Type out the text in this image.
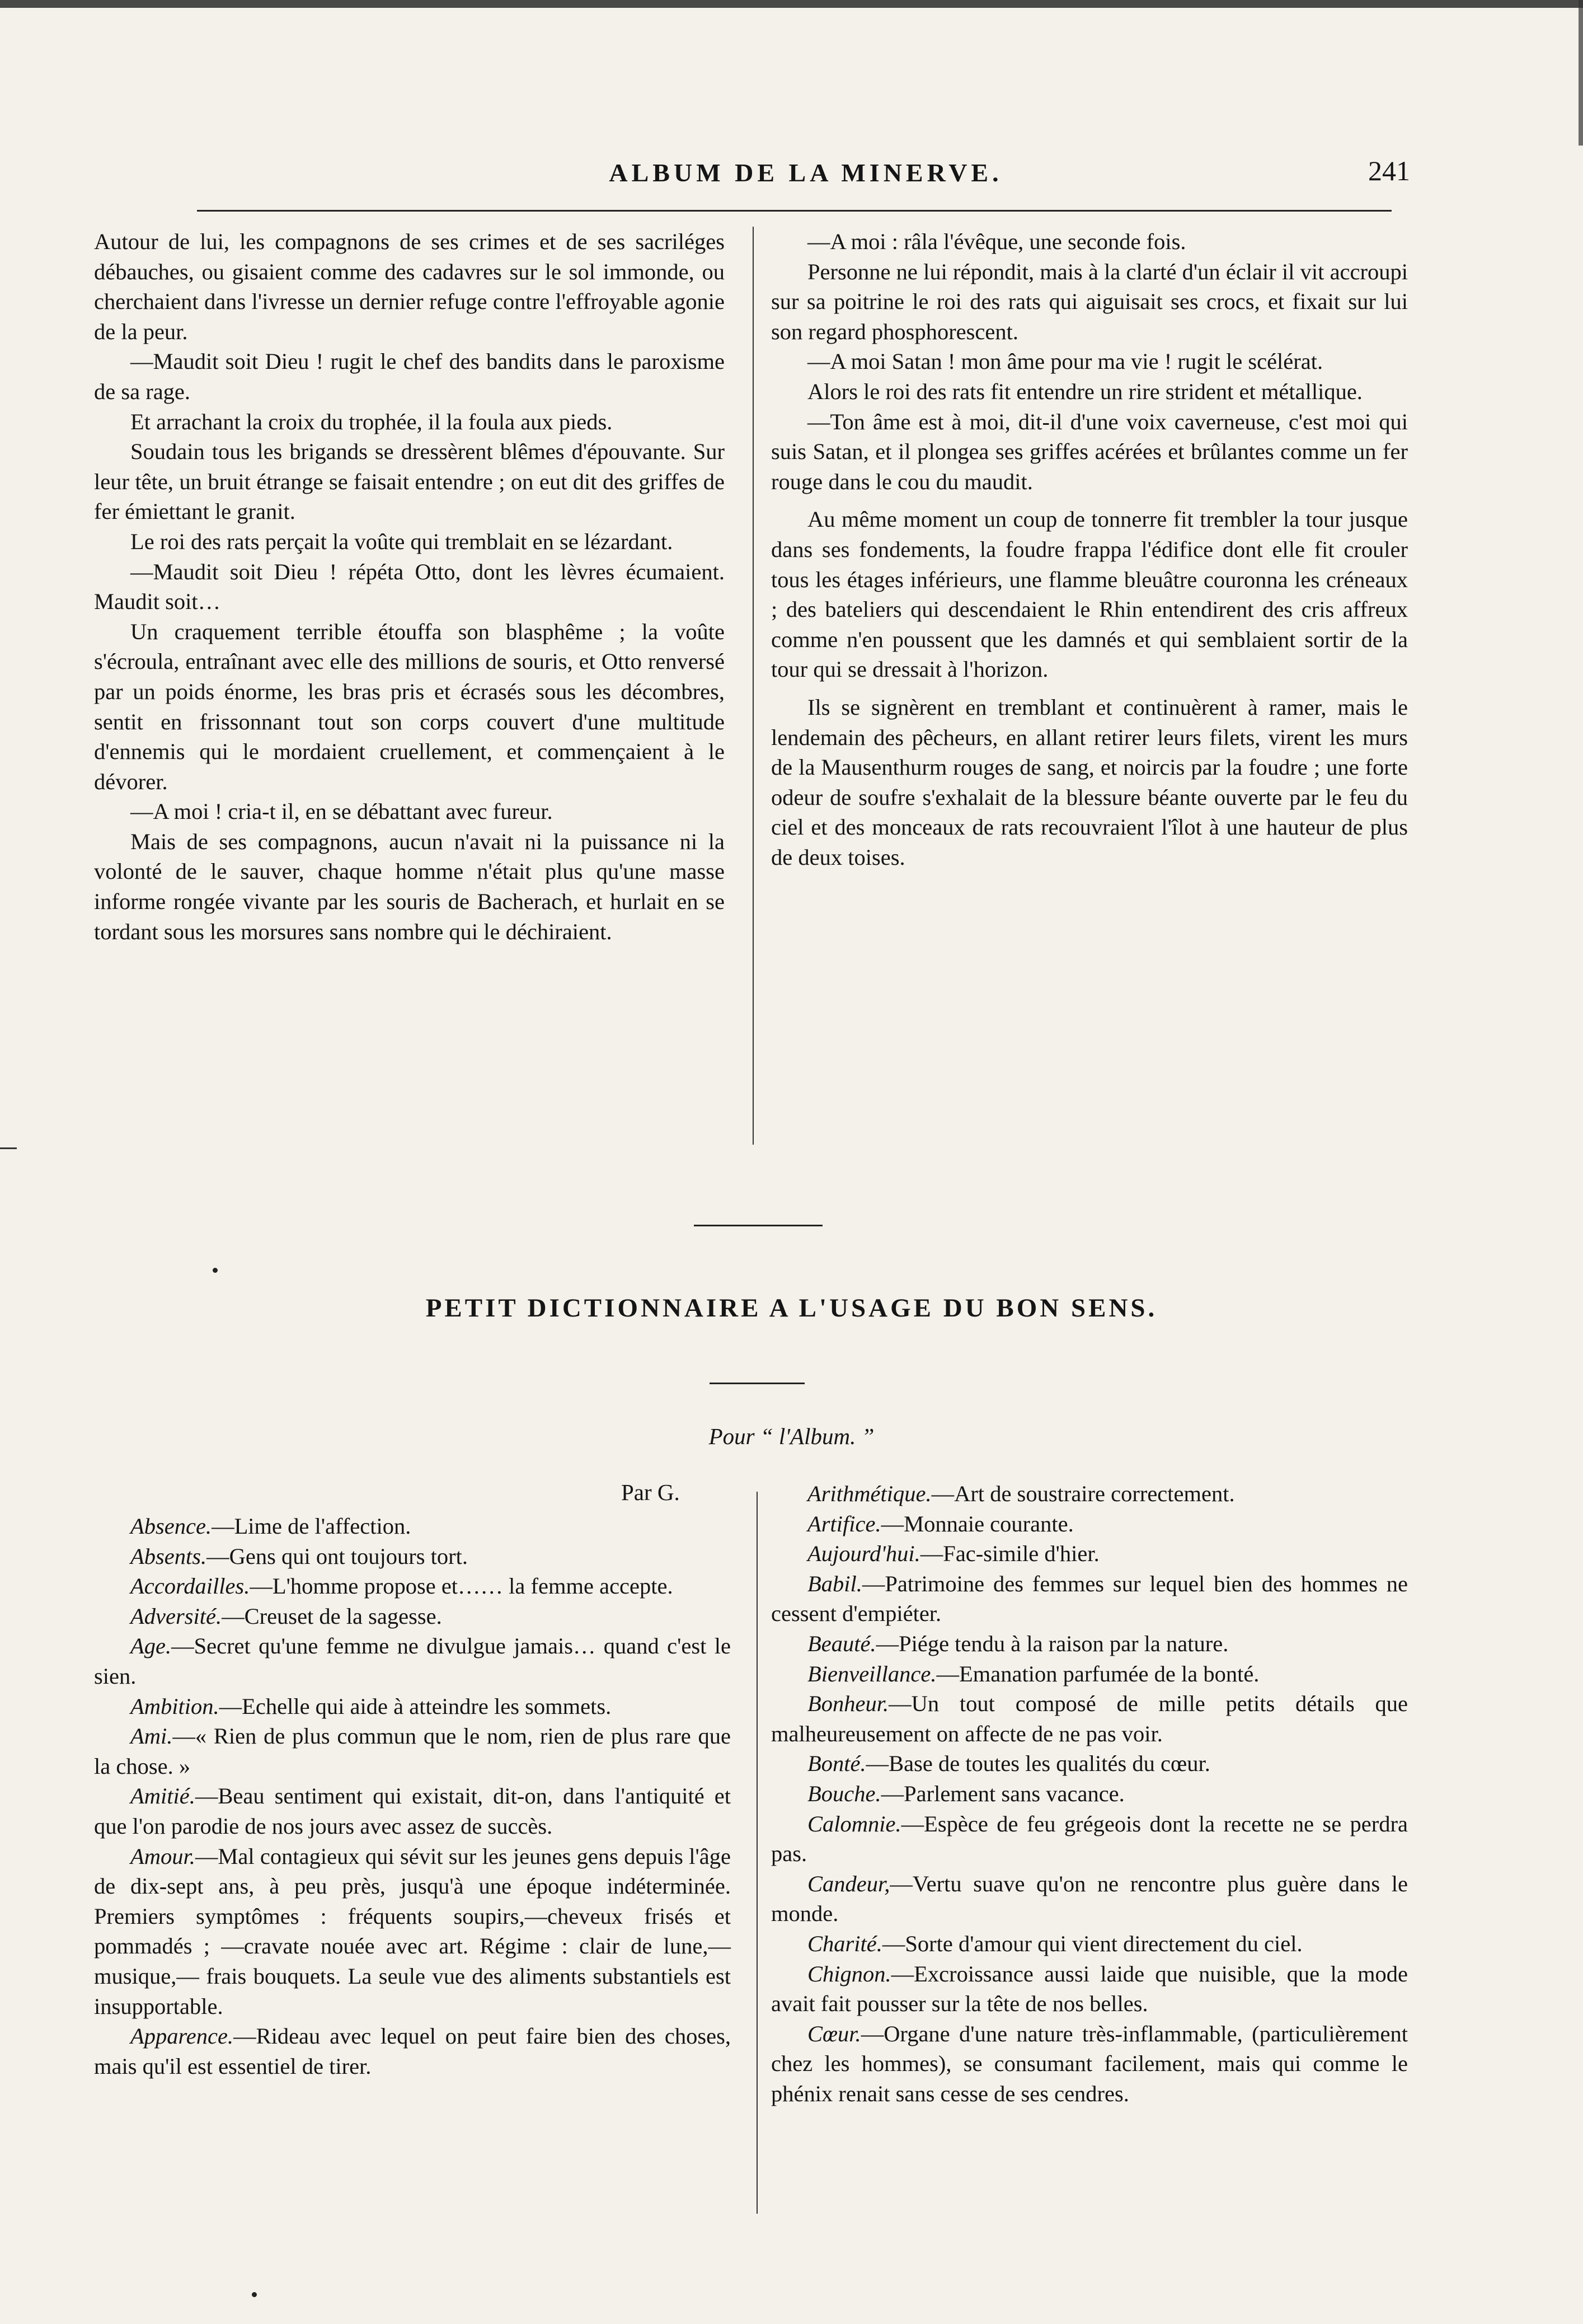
ALBUM DE LA MINERVE.	241

Autour de lui, les compagnons de ses crimes et de ses sacriléges débauches, ou gisaient comme des cadavres sur le sol immonde, ou cherchaient dans l'ivresse un dernier refuge contre l'effroyable agonie de la peur.

—Maudit soit Dieu ! rugit le chef des bandits dans le paroxisme de sa rage.

Et arrachant la croix du trophée, il la foula aux pieds.

Soudain tous les brigands se dressèrent blêmes d'épouvante. Sur leur tête, un bruit étrange se faisait entendre ; on eut dit des griffes de fer émiettant le granit.

Le roi des rats perçait la voûte qui tremblait en se lézardant.

—Maudit soit Dieu ! répéta Otto, dont les lèvres écumaient. Maudit soit…

Un craquement terrible étouffa son blasphême ; la voûte s'écroula, entraînant avec elle des millions de souris, et Otto renversé par un poids énorme, les bras pris et écrasés sous les décombres, sentit en frissonnant tout son corps couvert d'une multitude d'ennemis qui le mordaient cruellement, et commençaient à le dévorer.

—A moi ! cria-t il, en se débattant avec fureur.

Mais de ses compagnons, aucun n'avait ni la puissance ni la volonté de le sauver, chaque homme n'était plus qu'une masse informe rongée vivante par les souris de Bacherach, et hurlait en se tordant sous les morsures sans nombre qui le déchiraient.

—A moi : râla l'évêque, une seconde fois.

Personne ne lui répondit, mais à la clarté d'un éclair il vit accroupi sur sa poitrine le roi des rats qui aiguisait ses crocs, et fixait sur lui son regard phosphorescent.

—A moi Satan ! mon âme pour ma vie ! rugit le scélérat.

Alors le roi des rats fit entendre un rire strident et métallique.

—Ton âme est à moi, dit-il d'une voix caverneuse, c'est moi qui suis Satan, et il plongea ses griffes acérées et brûlantes comme un fer rouge dans le cou du maudit.

Au même moment un coup de tonnerre fit trembler la tour jusque dans ses fondements, la foudre frappa l'édifice dont elle fit crouler tous les étages inférieurs, une flamme bleuâtre couronna les créneaux ; des bateliers qui descendaient le Rhin entendirent des cris affreux comme n'en poussent que les damnés et qui semblaient sortir de la tour qui se dressait à l'horizon.

Ils se signèrent en tremblant et continuèrent à ramer, mais le lendemain des pêcheurs, en allant retirer leurs filets, virent les murs de la Mausenthurm rouges de sang, et noircis par la foudre ; une forte odeur de soufre s'exhalait de la blessure béante ouverte par le feu du ciel et des monceaux de rats recouvraient l'îlot à une hauteur de plus de deux toises.

PETIT DICTIONNAIRE A L'USAGE DU BON SENS.
Pour “ l'Album. ”
Par G.

Absence.—Lime de l'affection.

Absents.—Gens qui ont toujours tort.

Accordailles.—L'homme propose et…… la femme accepte.

Adversité.—Creuset de la sagesse.

Age.—Secret qu'une femme ne divulgue jamais… quand c'est le sien.

Ambition.—Echelle qui aide à atteindre les sommets.

Ami.—« Rien de plus commun que le nom, rien de plus rare que la chose. »

Amitié.—Beau sentiment qui existait, dit-on, dans l'antiquité et que l'on parodie de nos jours avec assez de succès.

Amour.—Mal contagieux qui sévit sur les jeunes gens depuis l'âge de dix-sept ans, à peu près, jusqu'à une époque indéterminée. Premiers symptômes : fréquents soupirs,—cheveux frisés et pommadés ; —cravate nouée avec art. Régime : clair de lune,—musique,— frais bouquets. La seule vue des aliments substantiels est insupportable.

Apparence.—Rideau avec lequel on peut faire bien des choses, mais qu'il est essentiel de tirer.

Arithmétique.—Art de soustraire correctement.

Artifice.—Monnaie courante.

Aujourd'hui.—Fac-simile d'hier.

Babil.—Patrimoine des femmes sur lequel bien des hommes ne cessent d'empiéter.

Beauté.—Piége tendu à la raison par la nature.

Bienveillance.—Emanation parfumée de la bonté.

Bonheur.—Un tout composé de mille petits détails que malheureusement on affecte de ne pas voir.

Bonté.—Base de toutes les qualités du cœur.

Bouche.—Parlement sans vacance.

Calomnie.—Espèce de feu grégeois dont la recette ne se perdra pas.

Candeur,—Vertu suave qu'on ne rencontre plus guère dans le monde.

Charité.—Sorte d'amour qui vient directement du ciel.

Chignon.—Excroissance aussi laide que nuisible, que la mode avait fait pousser sur la tête de nos belles.

Cœur.—Organe d'une nature très-inflammable, (particulièrement chez les hommes), se consumant facilement, mais qui comme le phénix renait sans cesse de ses cendres.
